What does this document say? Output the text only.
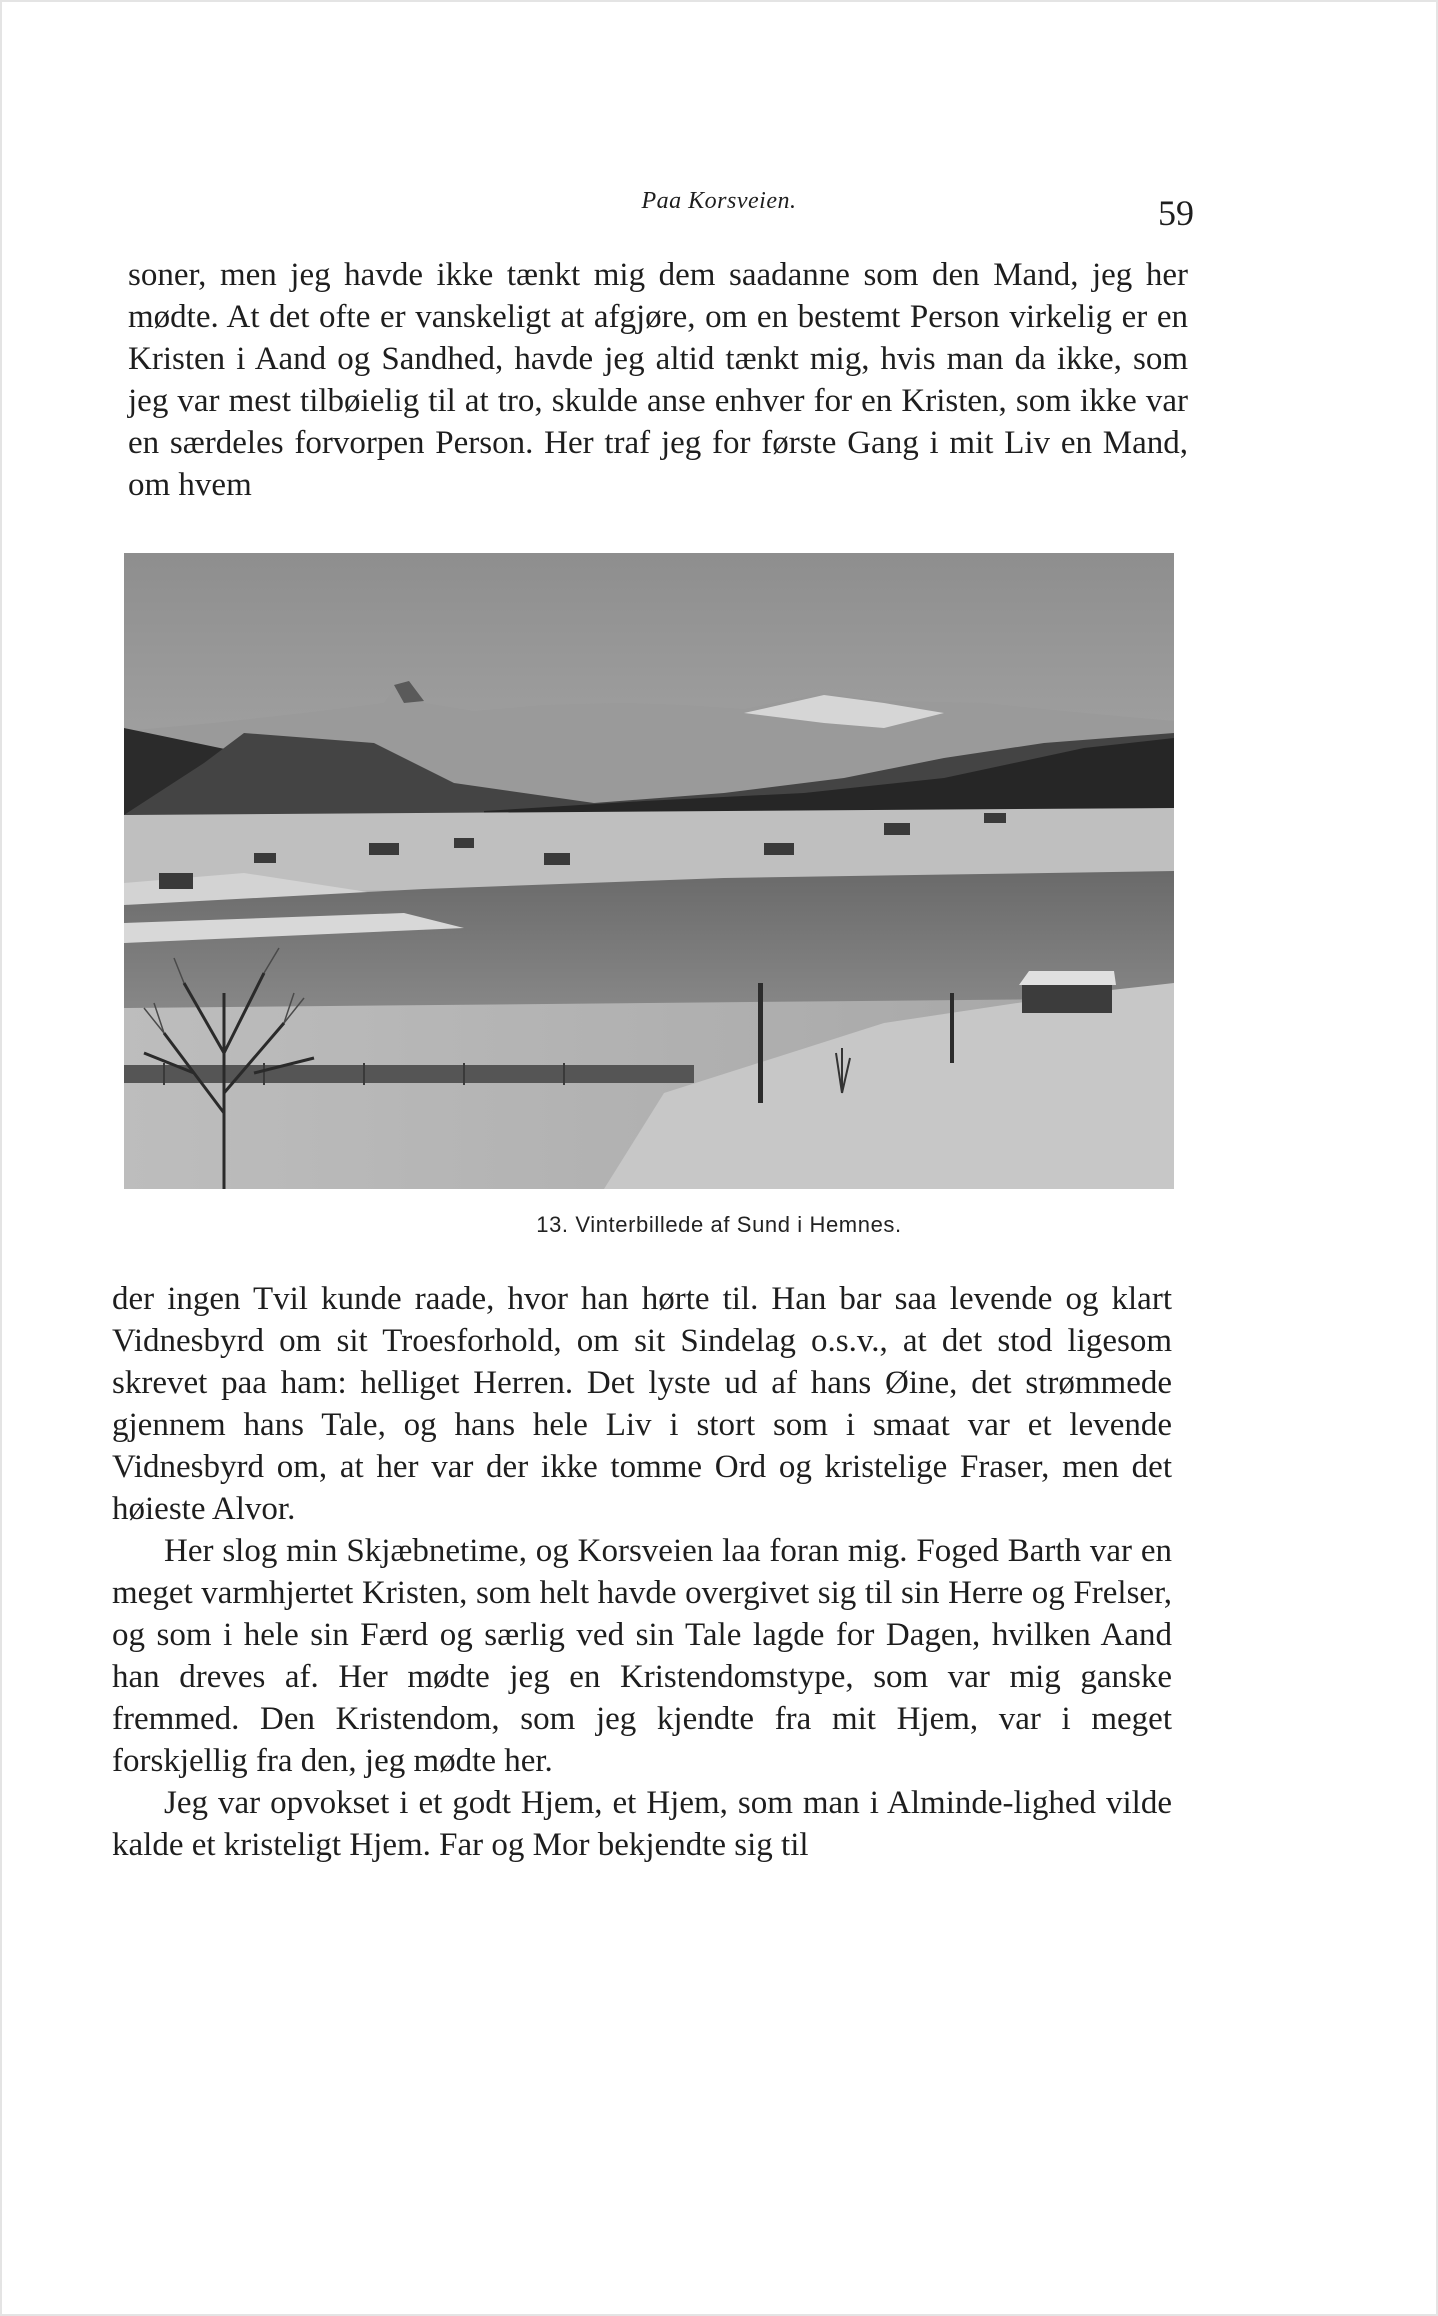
Paa Korsveien.	59

soner, men jeg havde ikke tænkt mig dem saadanne som den Mand, jeg her mødte. At det ofte er vanskeligt at afgjøre, om en bestemt Person virkelig er en Kristen i Aand og Sandhed, havde jeg altid tænkt mig, hvis man da ikke, som jeg var mest tilbøielig til at tro, skulde anse enhver for en Kristen, som ikke var en særdeles forvorpen Person. Her traf jeg for første Gang i mit Liv en Mand, om hvem

13. Vinterbillede af Sund i Hemnes.

der ingen Tvil kunde raade, hvor han hørte til. Han bar saa levende og klart Vidnesbyrd om sit Troesforhold, om sit Sindelag o.s.v., at det stod ligesom skrevet paa ham: helliget Herren. Det lyste ud af hans Øine, det strømmede gjennem hans Tale, og hans hele Liv i stort som i smaat var et levende Vidnesbyrd om, at her var der ikke tomme Ord og kristelige Fraser, men det høieste Alvor.

Her slog min Skjæbnetime, og Korsveien laa foran mig. Foged Barth var en meget varmhjertet Kristen, som helt havde overgivet sig til sin Herre og Frelser, og som i hele sin Færd og særlig ved sin Tale lagde for Dagen, hvilken Aand han dreves af. Her mødte jeg en Kristendomstype, som var mig ganske fremmed. Den Kristendom, som jeg kjendte fra mit Hjem, var i meget forskjellig fra den, jeg mødte her.

Jeg var opvokset i et godt Hjem, et Hjem, som man i Alminde-lighed vilde kalde et kristeligt Hjem. Far og Mor bekjendte sig til
